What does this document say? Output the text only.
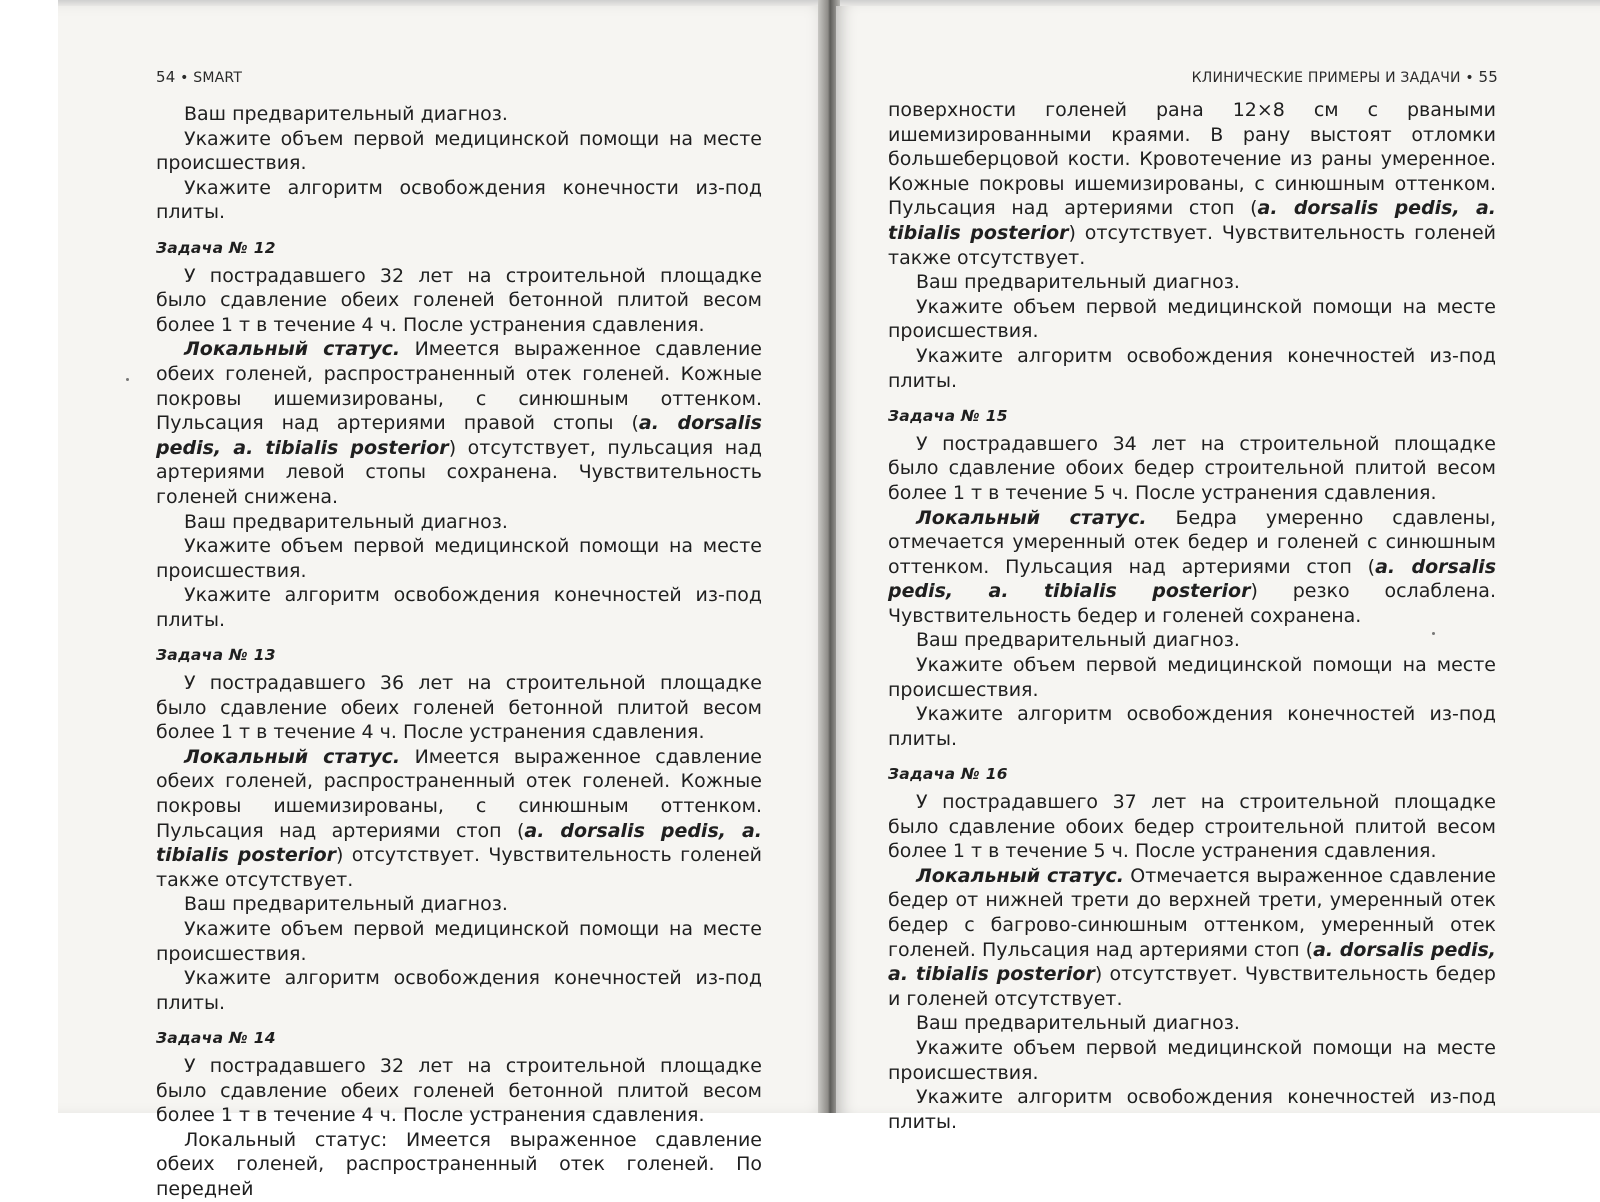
54 • SMART

Ваш предварительный диагноз.

Укажите объем первой медицинской помощи на месте происшествия.

Укажите алгоритм освобождения конечности из-под плиты.

Задача № 12

У пострадавшего 32 лет на строительной площадке было сдавление обеих голеней бетонной плитой весом более 1 т в течение 4 ч. После устранения сдавления.

Локальный статус. Имеется выраженное сдавление обеих голеней, распространенный отек голеней. Кожные покровы ишемизированы, с синюшным оттенком. Пульсация над артериями правой стопы (a. dorsalis pedis, a. tibialis posterior) отсутствует, пульсация над артериями левой стопы сохранена. Чувствительность голеней снижена.

Ваш предварительный диагноз.

Укажите объем первой медицинской помощи на месте происшествия.

Укажите алгоритм освобождения конечностей из-под плиты.

Задача № 13

У пострадавшего 36 лет на строительной площадке было сдавление обеих голеней бетонной плитой весом более 1 т в течение 4 ч. После устранения сдавления.

Локальный статус. Имеется выраженное сдавление обеих голеней, распространенный отек голеней. Кожные покровы ишемизированы, с синюшным оттенком. Пульсация над артериями стоп (a. dorsalis pedis, a. tibialis posterior) отсутствует. Чувствительность голеней также отсутствует.

Ваш предварительный диагноз.

Укажите объем первой медицинской помощи на месте происшествия.

Укажите алгоритм освобождения конечностей из-под плиты.

Задача № 14

У пострадавшего 32 лет на строительной площадке было сдавление обеих голеней бетонной плитой весом более 1 т в течение 4 ч. После устранения сдавления.

Локальный статус: Имеется выраженное сдавление обеих голеней, распространенный отек голеней. По передней

КЛИНИЧЕСКИЕ ПРИМЕРЫ И ЗАДАЧИ • 55

поверхности голеней рана 12×8 см с рваными ишемизированными краями. В рану выстоят отломки большеберцовой кости. Кровотечение из раны умеренное. Кожные покровы ишемизированы, с синюшным оттенком. Пульсация над артериями стоп (a. dorsalis pedis, a. tibialis posterior) отсутствует. Чувствительность голеней также отсутствует.

Ваш предварительный диагноз.

Укажите объем первой медицинской помощи на месте происшествия.

Укажите алгоритм освобождения конечностей из-под плиты.

Задача № 15

У пострадавшего 34 лет на строительной площадке было сдавление обоих бедер строительной плитой весом более 1 т в течение 5 ч. После устранения сдавления.

Локальный статус. Бедра умеренно сдавлены, отмечается умеренный отек бедер и голеней с синюшным оттенком. Пульсация над артериями стоп (a. dorsalis pedis, a. tibialis posterior) резко ослаблена. Чувствительность бедер и голеней сохранена.

Ваш предварительный диагноз.

Укажите объем первой медицинской помощи на месте происшествия.

Укажите алгоритм освобождения конечностей из-под плиты.

Задача № 16

У пострадавшего 37 лет на строительной площадке было сдавление обоих бедер строительной плитой весом более 1 т в течение 5 ч. После устранения сдавления.

Локальный статус. Отмечается выраженное сдавление бедер от нижней трети до верхней трети, умеренный отек бедер с багрово-синюшным оттенком, умеренный отек голеней. Пульсация над артериями стоп (a. dorsalis pedis, a. tibialis posterior) отсутствует. Чувствительность бедер и голеней отсутствует.

Ваш предварительный диагноз.

Укажите объем первой медицинской помощи на месте происшествия.

Укажите алгоритм освобождения конечностей из-под плиты.
